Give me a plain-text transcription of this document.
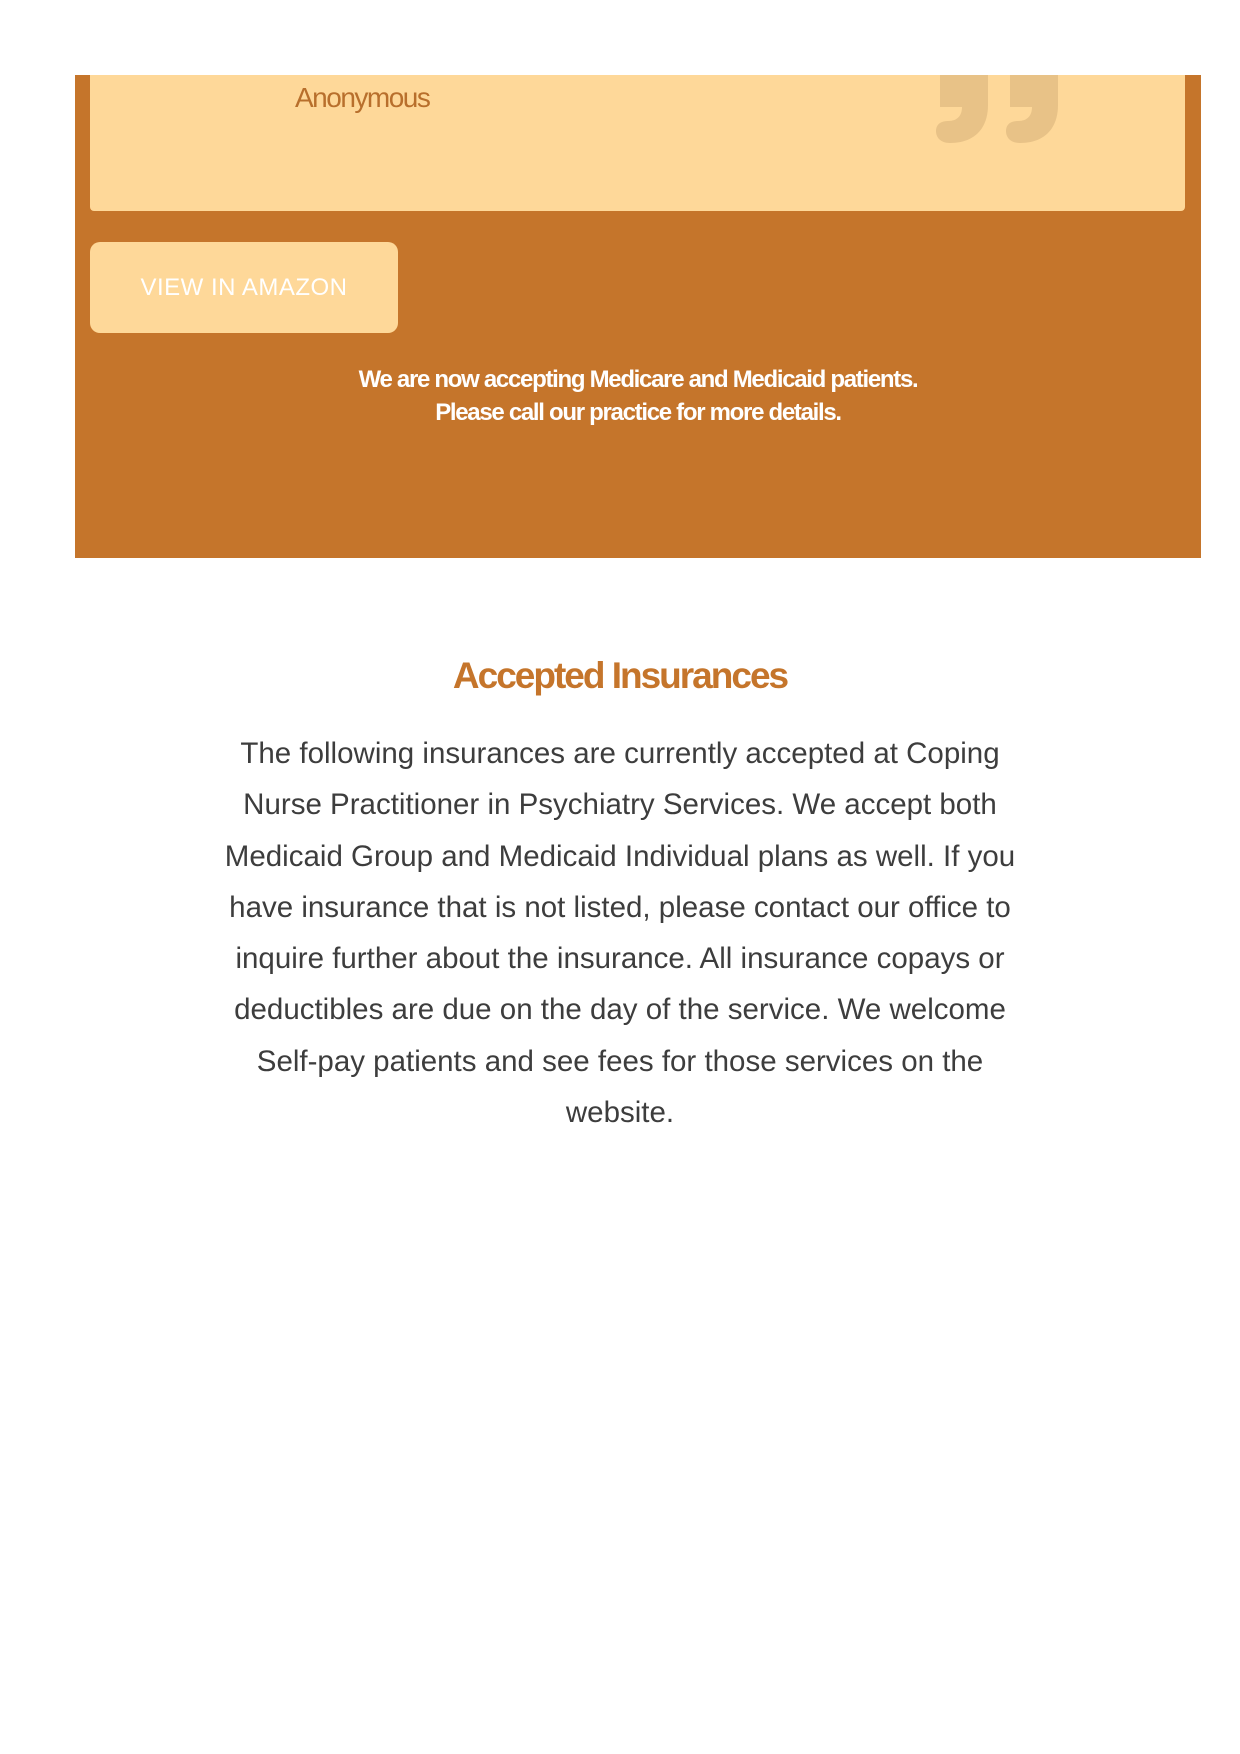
Anonymous

VIEW IN AMAZON

We are now accepting Medicare and Medicaid patients.

Please call our practice for more details.

Accepted Insurances

The following insurances are currently accepted at Coping Nurse Practitioner in Psychiatry Services. We accept both Medicaid Group and Medicaid Individual plans as well. If you have insurance that is not listed, please contact our office to inquire further about the insurance. All insurance copays or deductibles are due on the day of the service. We welcome Self-pay patients and see fees for those services on the website.
